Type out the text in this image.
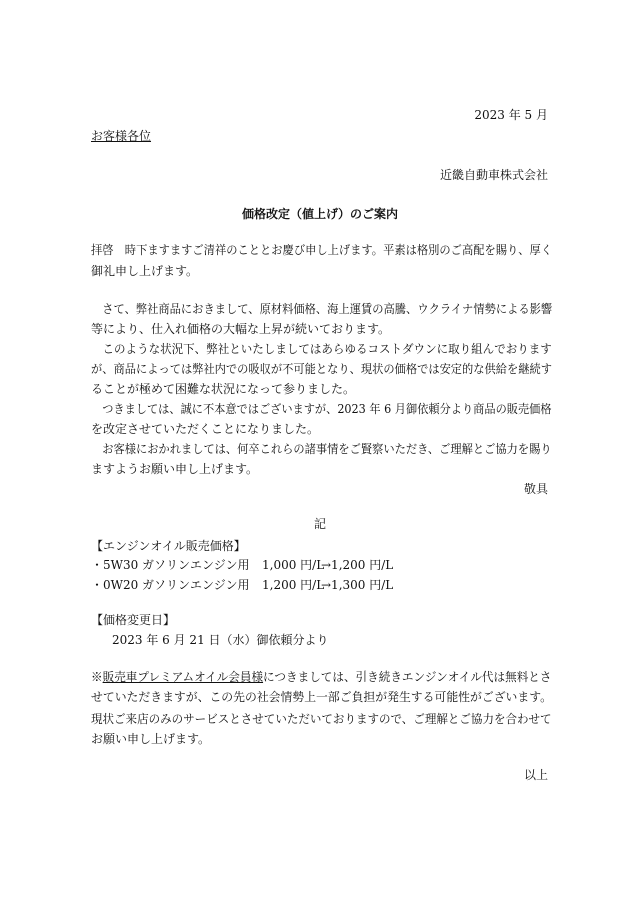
2023 年 5 月
お客様各位
近畿自動車株式会社
価格改定（値上げ）のご案内
拝啓　時下ますますご清祥のこととお慶び申し上げます。平素は格別のご高配を賜り、厚く
御礼申し上げます。
　さて、弊社商品におきまして、原材料価格、海上運賃の高騰、ウクライナ情勢による影響
等により、仕入れ価格の大幅な上昇が続いております。
　このような状況下、弊社といたしましてはあらゆるコストダウンに取り組んでおります
が、商品によっては弊社内での吸収が不可能となり、現状の価格では安定的な供給を継続す
ることが極めて困難な状況になって参りました。
　つきましては、誠に不本意ではございますが、2023 年 6 月御依頼分より商品の販売価格
を改定させていただくことになりました。
　お客様におかれましては、何卒これらの諸事情をご賢察いただき、ご理解とご協力を賜り
ますようお願い申し上げます。
敬具
記
【エンジンオイル販売価格】
・5W30 ガソリンエンジン用 1,000 円/L
→1,200 円/L
・0W20 ガソリンエンジン用 1,200 円/L
→1,300 円/L
【価格変更日】
2023 年 6 月 21 日（水）御依頼分より
※販売車プレミアムオイル会員様につきましては、引き続きエンジンオイル代は無料とさ
せていただきますが、この先の社会情勢上一部ご負担が発生する可能性がございます。
現状ご来店のみのサービスとさせていただいておりますので、ご理解とご協力を合わせて
お願い申し上げます。
以上
